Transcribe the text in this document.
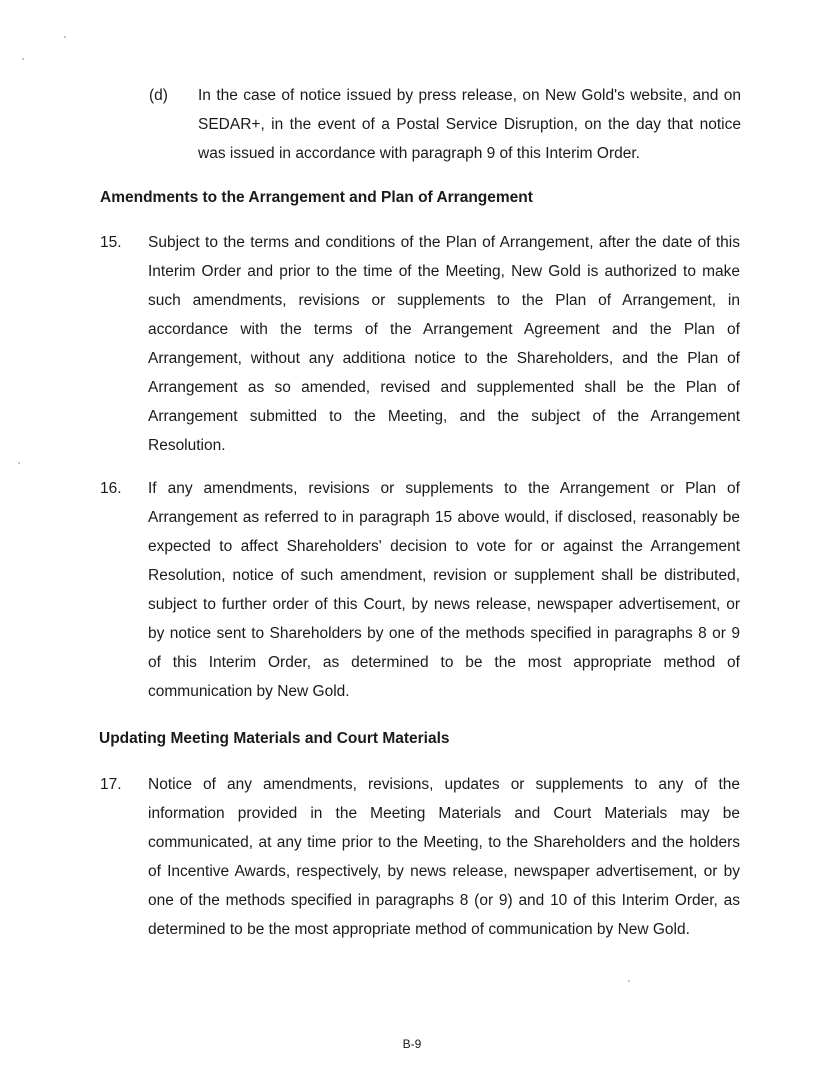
(d) In the case of notice issued by press release, on New Gold's website, and on SEDAR+, in the event of a Postal Service Disruption, on the day that notice was issued in accordance with paragraph 9 of this Interim Order.
Amendments to the Arrangement and Plan of Arrangement
15. Subject to the terms and conditions of the Plan of Arrangement, after the date of this Interim Order and prior to the time of the Meeting, New Gold is authorized to make such amendments, revisions or supplements to the Plan of Arrangement, in accordance with the terms of the Arrangement Agreement and the Plan of Arrangement, without any additiona notice to the Shareholders, and the Plan of Arrangement as so amended, revised and supplemented shall be the Plan of Arrangement submitted to the Meeting, and the subject of the Arrangement Resolution.
16. If any amendments, revisions or supplements to the Arrangement or Plan of Arrangement as referred to in paragraph 15 above would, if disclosed, reasonably be expected to affect Shareholders' decision to vote for or against the Arrangement Resolution, notice of such amendment, revision or supplement shall be distributed, subject to further order of this Court, by news release, newspaper advertisement, or by notice sent to Shareholders by one of the methods specified in paragraphs 8 or 9 of this Interim Order, as determined to be the most appropriate method of communication by New Gold.
Updating Meeting Materials and Court Materials
17. Notice of any amendments, revisions, updates or supplements to any of the information provided in the Meeting Materials and Court Materials may be communicated, at any time prior to the Meeting, to the Shareholders and the holders of Incentive Awards, respectively, by news release, newspaper advertisement, or by one of the methods specified in paragraphs 8 (or 9) and 10 of this Interim Order, as determined to be the most appropriate method of communication by New Gold.
B-9
